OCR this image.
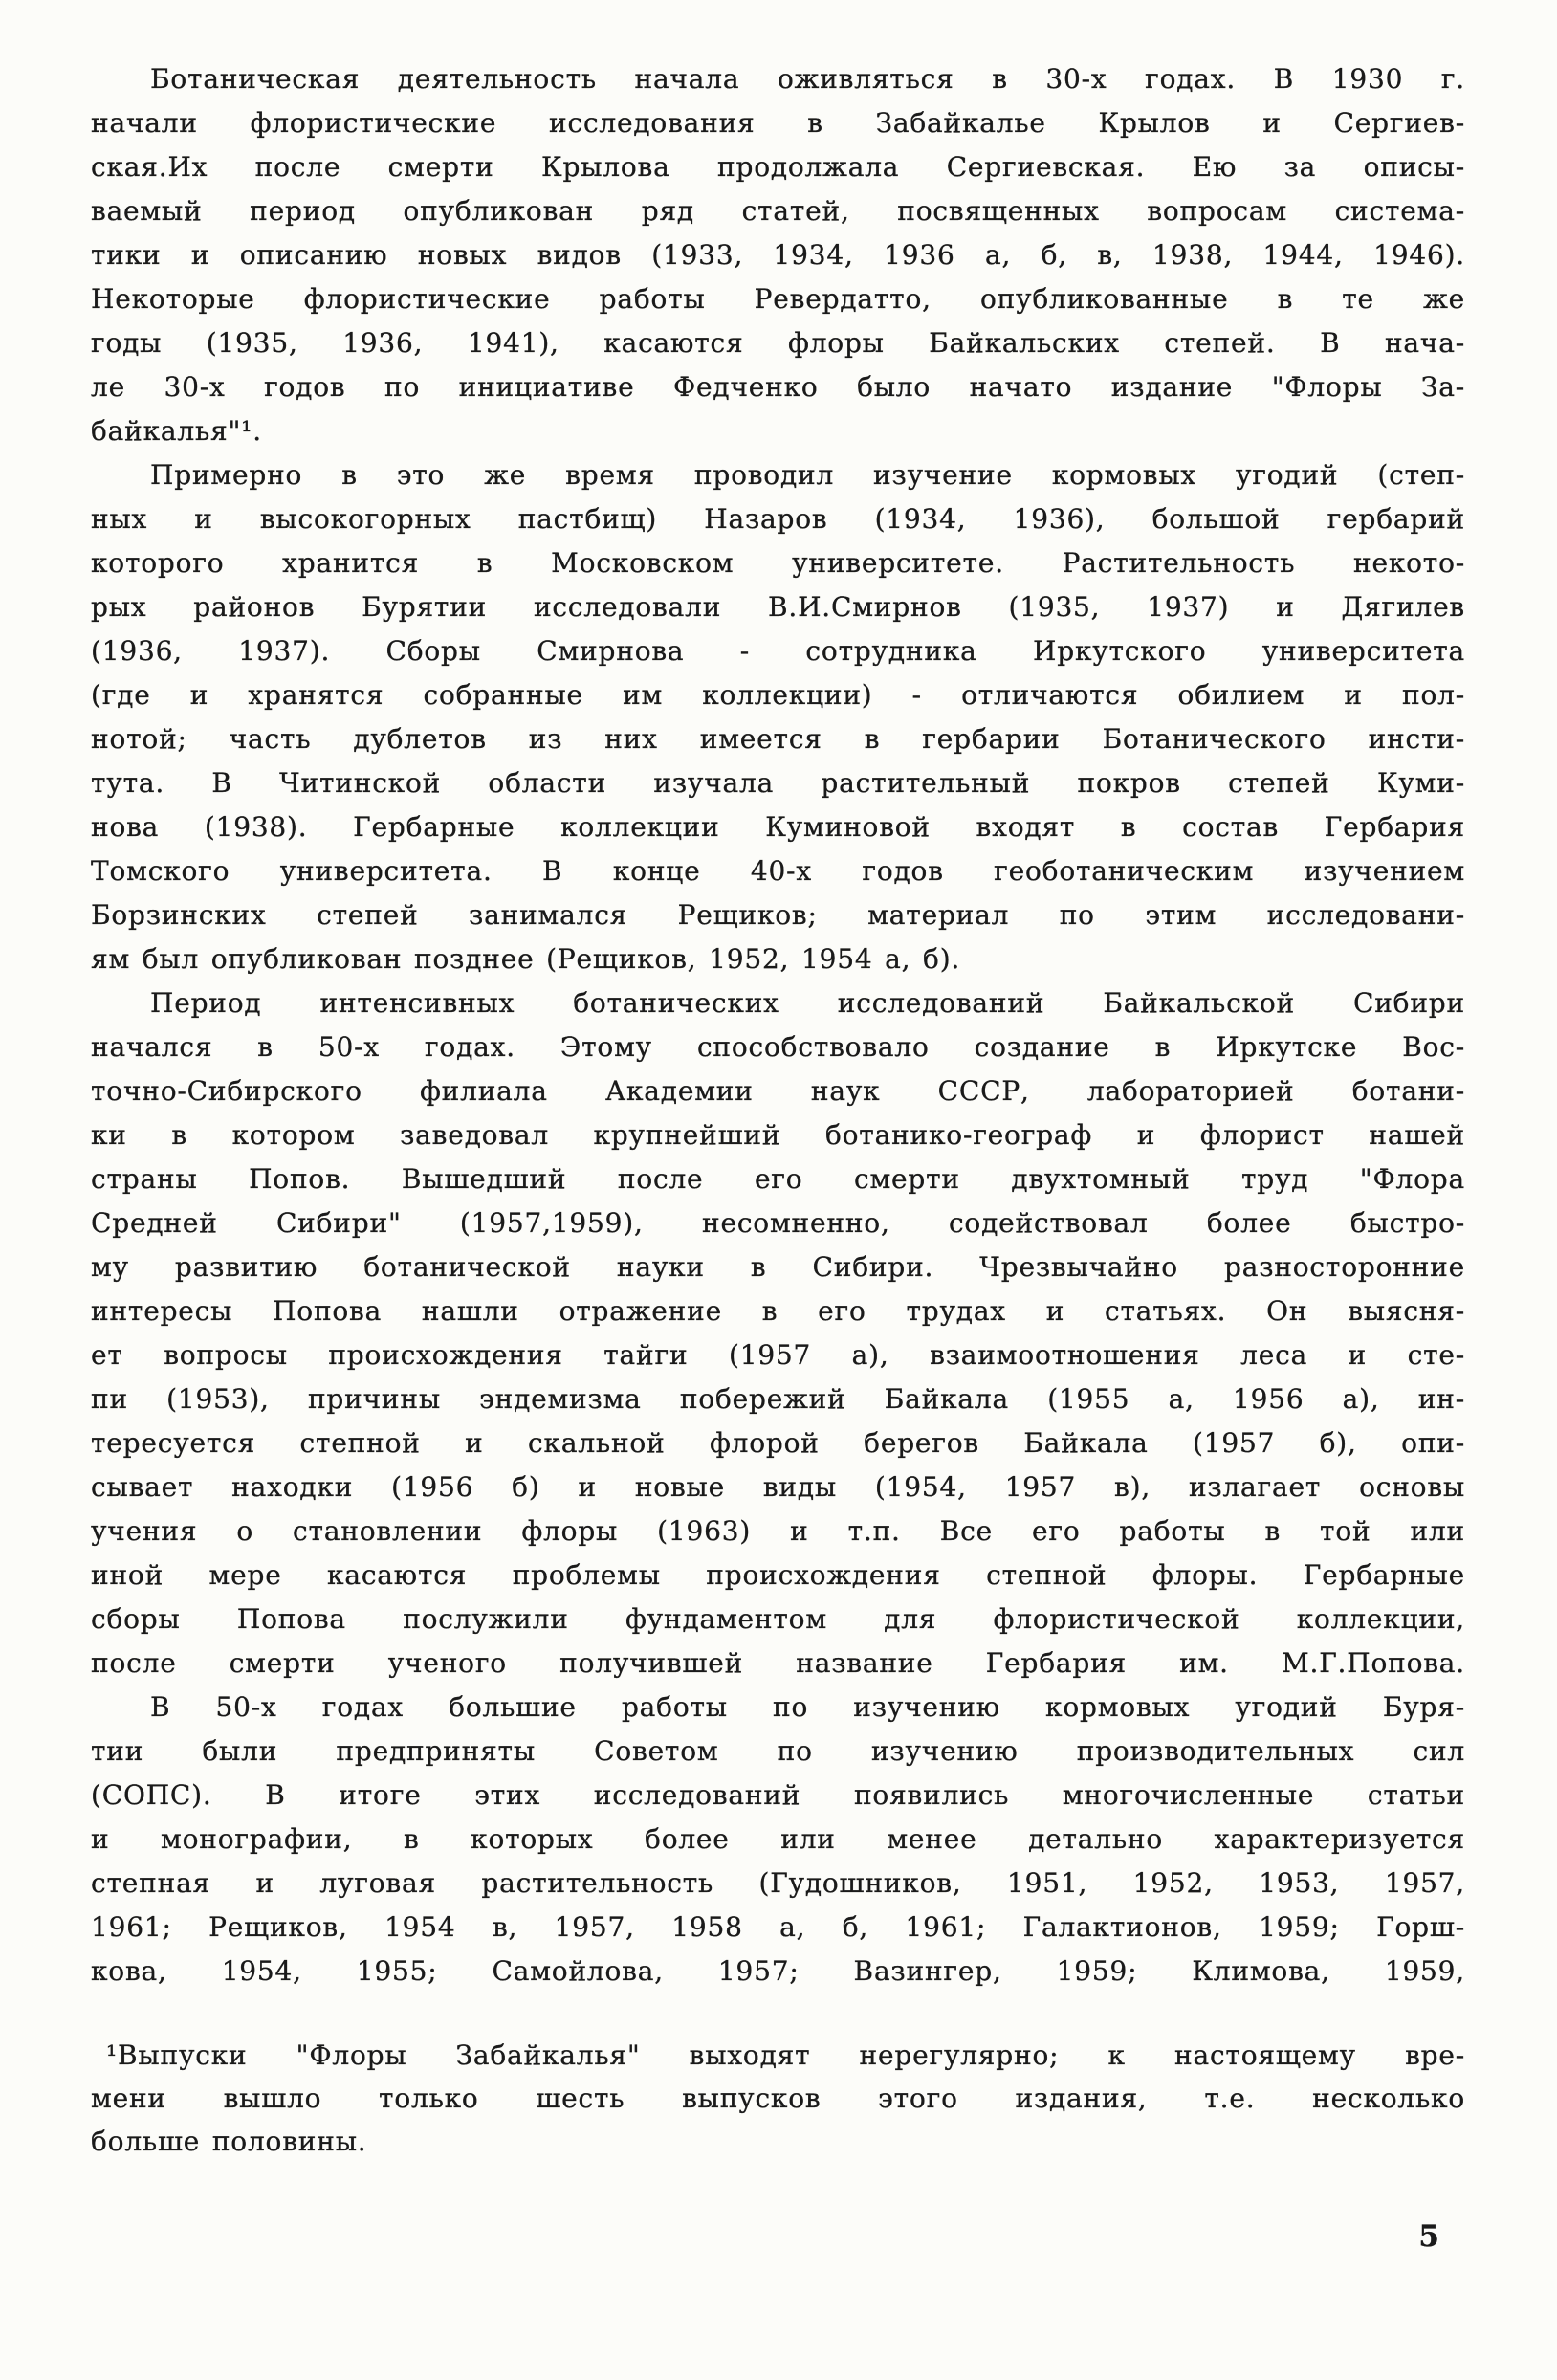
Ботаническая деятельность начала оживляться в 30-х годах. В 1930 г.
начали флористические исследования в Забайкалье Крылов и Сергиев-
ская.Их после смерти Крылова продолжала Сергиевская. Ею за описы-
ваемый период опубликован ряд статей, посвященных вопросам система-
тики и описанию новых видов (1933, 1934, 1936 а, б, в, 1938, 1944, 1946).
Некоторые флористические работы Ревердатто, опубликованные в те же
годы (1935, 1936, 1941), касаются флоры Байкальских степей. В нача-
ле 30-х годов по инициативе Федченко было начато издание "Флоры За-
байкалья"¹.
Примерно в это же время проводил изучение кормовых угодий (степ-
ных и высокогорных пастбищ) Назаров (1934, 1936), большой гербарий
которого хранится в Московском университете. Растительность некото-
рых районов Бурятии исследовали В.И.Смирнов (1935, 1937) и Дягилев
(1936, 1937). Сборы Смирнова - сотрудника Иркутского университета
(где и хранятся собранные им коллекции) - отличаются обилием и пол-
нотой; часть дублетов из них имеется в гербарии Ботанического инсти-
тута. В Читинской области изучала растительный покров степей Куми-
нова (1938). Гербарные коллекции Куминовой входят в состав Гербария
Томского университета. В конце 40-х годов геоботаническим изучением
Борзинских степей занимался Рещиков; материал по этим исследовани-
ям был опубликован позднее (Рещиков, 1952, 1954 а, б).
Период интенсивных ботанических исследований Байкальской Сибири
начался в 50-х годах. Этому способствовало создание в Иркутске Вос-
точно-Сибирского филиала Академии наук СССР, лабораторией ботани-
ки в котором заведовал крупнейший ботанико-географ и флорист нашей
страны Попов. Вышедший после его смерти двухтомный труд "Флора
Средней Сибири" (1957,1959), несомненно, содействовал более быстро-
му развитию ботанической науки в Сибири. Чрезвычайно разносторонние
интересы Попова нашли отражение в его трудах и статьях. Он выясня-
ет вопросы происхождения тайги (1957 а), взаимоотношения леса и сте-
пи (1953), причины эндемизма побережий Байкала (1955 а, 1956 а), ин-
тересуется степной и скальной флорой берегов Байкала (1957 б), опи-
сывает находки (1956 б) и новые виды (1954, 1957 в), излагает основы
учения о становлении флоры (1963) и т.п. Все его работы в той или
иной мере касаются проблемы происхождения степной флоры. Гербарные
сборы Попова послужили фундаментом для флористической коллекции,
после смерти ученого получившей название Гербария им. М.Г.Попова.
В 50-х годах большие работы по изучению кормовых угодий Буря-
тии были предприняты Советом по изучению производительных сил
(СОПС). В итоге этих исследований появились многочисленные статьи
и монографии, в которых более или менее детально характеризуется
степная и луговая растительность (Гудошников, 1951, 1952, 1953, 1957,
1961; Рещиков, 1954 в, 1957, 1958 а, б, 1961; Галактионов, 1959; Горш-
кова, 1954, 1955; Самойлова, 1957; Вазингер, 1959; Климова, 1959,
¹Выпуски "Флоры Забайкалья" выходят нерегулярно; к настоящему вре-
мени вышло только шесть выпусков этого издания, т.е. несколько
больше половины.
5
